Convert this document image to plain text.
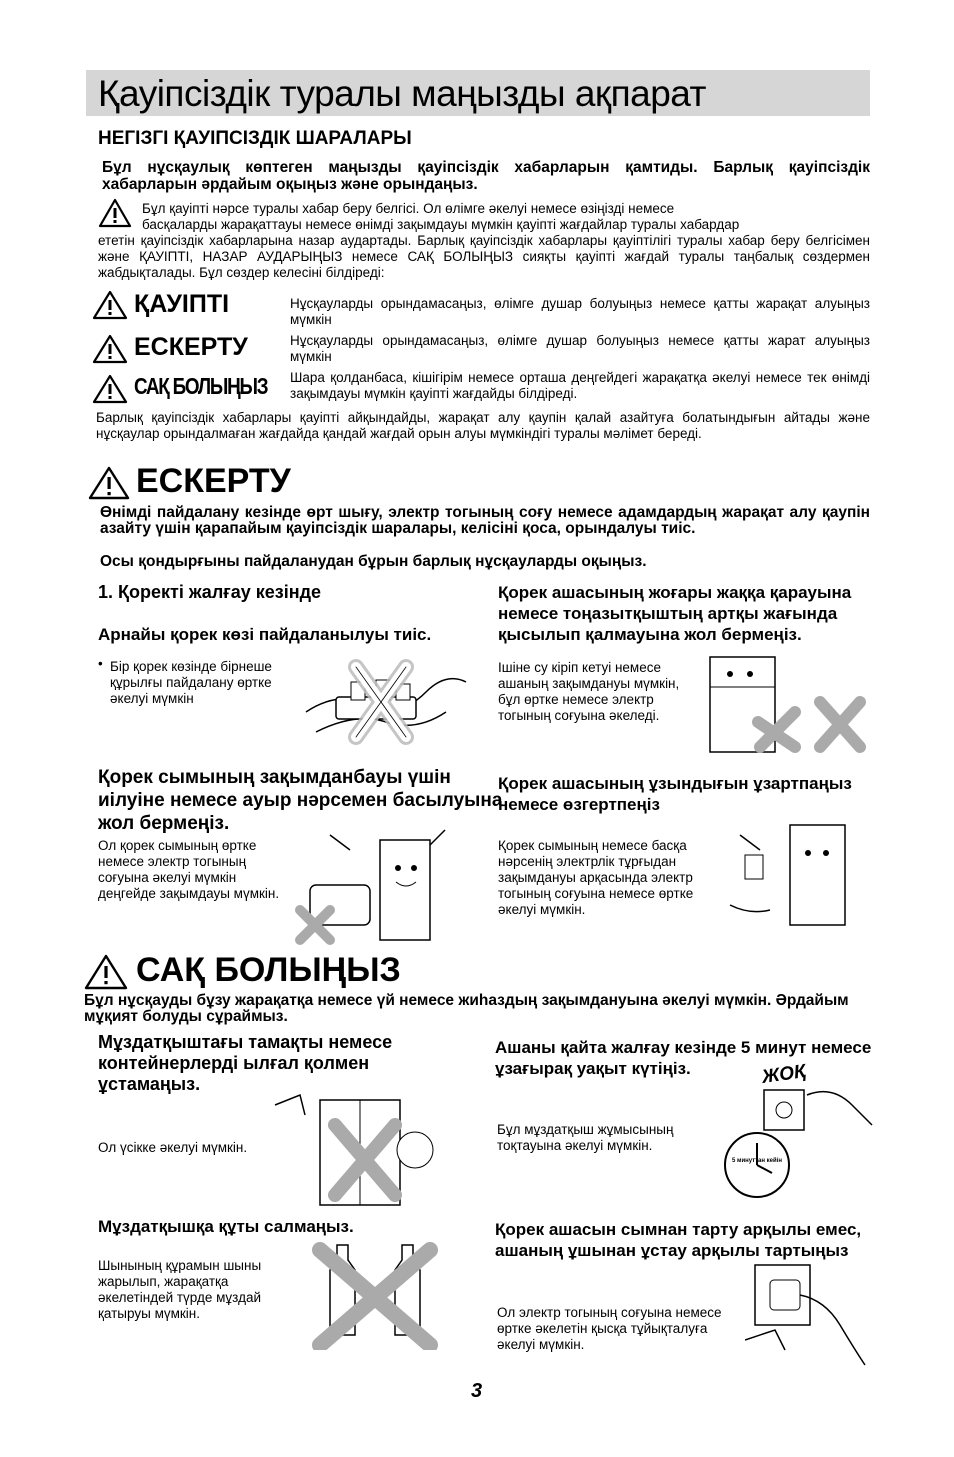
Қауіпсіздік туралы маңызды ақпарат
НЕГІЗГІ ҚАУІПСІЗДІК ШАРАЛАРЫ
Бұл нұсқаулық көптеген маңызды қауіпсіздік хабарларын қамтиды. Барлық қауіпсіздік хабарларын әрдайым оқыңыз және орындаңыз.
Бұл қауіпті нәрсе туралы хабар беру белгісі. Ол өлімге әкелуі немесе өзіңізді немесе
басқаларды жарақаттауы немесе өнімді зақымдауы мүмкін қауіпті жағдайлар туралы хабардар
ететін қауіпсіздік хабарларына назар аудартады. Барлық қауіпсіздік хабарлары қауіптілігі туралы хабар беру белгісімен және ҚАУІПТІ, НАЗАР АУДАРЫҢЫЗ немесе САҚ БОЛЫҢЫЗ сияқты қауіпті жағдай туралы таңбалық сөздермен жабдықталады. Бұл сөздер келесіні білдіреді:
ҚАУІПТІ	Нұсқауларды орындамасаңыз, өлімге душар болуыңыз немесе қатты жарақат алуыңыз мүмкін
ЕСКЕРТУ	Нұсқауларды орындамасаңыз, өлімге душар болуыңыз немесе қатты жарат алуыңыз мүмкін
САҚ БОЛЫҢЫЗ Шара қолданбаса, кішігірім немесе орташа деңгейдегі жарақатқа әкелуі немесе тек өнімді зақымдауы мүмкін қауіпті жағдайды білдіреді.
Барлық қауіпсіздік хабарлары қауіпті айқындайды, жарақат алу қаупін қалай азайтуға болатындығын айтады және нұсқаулар орындалмаған жағдайда қандай жағдай орын алуы мүмкіндігі туралы мәлімет береді.
ЕСКЕРТУ
Өнімді пайдалану кезінде өрт шығу, электр тогының соғу немесе адамдардың жарақат алу қаупін азайту үшін қарапайым қауіпсіздік шаралары, келісіні қоса, орындалуы тиіс.
Осы қондырғыны пайдаланудан бұрын барлық нұсқауларды оқыңыз.
1. Қоректі жалғау кезінде
Арнайы қорек көзі пайдаланылуы тиіс.
• Бір қорек көзінде бірнеше құрылғы пайдалану өртке әкелуі мүмкін
Қорек сымының зақымданбауы үшін иілуіне немесе ауыр нәрсемен басылуына жол бермеңіз.
Ол қорек сымының өртке немесе электр тогының соғуына әкелуі мүмкін деңгейде зақымдауы мүмкін.
Қорек ашасының жоғары жаққа қарауына немесе тоңазытқыштың артқы жағында қысылып қалмауына жол бермеңіз.
Ішіне су кіріп кетуі немесе ашаның зақымдануы мүмкін, бұл өртке немесе электр тогының соғуына әкеледі.
Қорек ашасының ұзындығын ұзартпаңыз немесе өзгертпеңіз
Қорек сымының немесе басқа нәрсенің электрлік тұрғыдан зақымдануы арқасында электр тогының соғуына немесе өртке әкелуі мүмкін.
САҚ БОЛЫҢЫЗ
Бұл нұсқауды бұзу жарақатқа немесе үй немесе жиһаздың зақымдануына әкелуі мүмкін. Әрдайым мұқият болуды сұраймыз.
Мұздатқыштағы тамақты немесе контейнерлерді ылғал қолмен ұстамаңыз.
Ол үсікке әкелуі мүмкін.
Мұздатқышқа құты салмаңыз.
Шынының құрамын шыны жарылып, жарақатқа әкелетіндей түрде мұздай қатыруы мүмкін.
Ашаны қайта жалғау кезінде 5 минут немесе ұзағырақ уақыт күтіңіз.
Бұл мұздатқыш жұмысының тоқтауына әкелуі мүмкін.
ЖОҚ
5 минуттан кейін
Қорек ашасын сымнан тарту арқылы емес, ашаның ұшынан ұстау арқылы тартыңыз
Ол электр тогының соғуына немесе өртке әкелетін қысқа тұйықталуға әкелуі мүмкін.
3
